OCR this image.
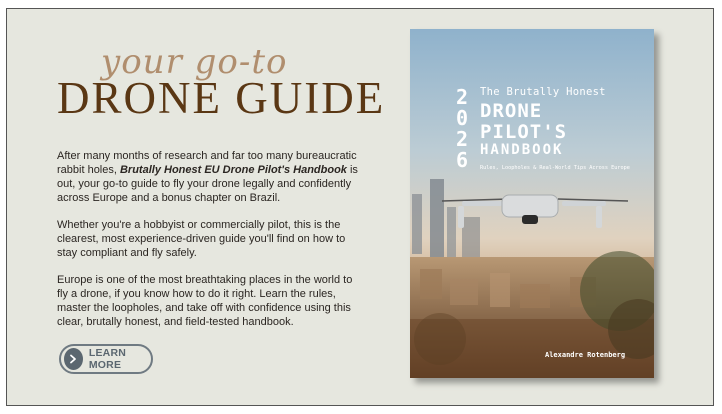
your go-to
DRONE GUIDE

After many months of research and far too many bureaucratic rabbit holes, Brutally Honest EU Drone Pilot's Handbook is out, your go-to guide to fly your drone legally and confidently across Europe and a bonus chapter on Brazil.

Whether you're a hobbyist or commercially pilot, this is the clearest, most experience-driven guide you'll find on how to stay compliant and fly safely.

Europe is one of the most breathtaking places in the world to fly a drone, if you know how to do it right. Learn the rules, master the loopholes, and take off with confidence using this clear, brutally honest, and field-tested handbook.

LEARN MORE
2
0
2
6
The Brutally Honest
DRONE
PILOT'S
HANDBOOK
Rules, Loopholes & Real-World Tips Across Europe
Alexandre Rotenberg
